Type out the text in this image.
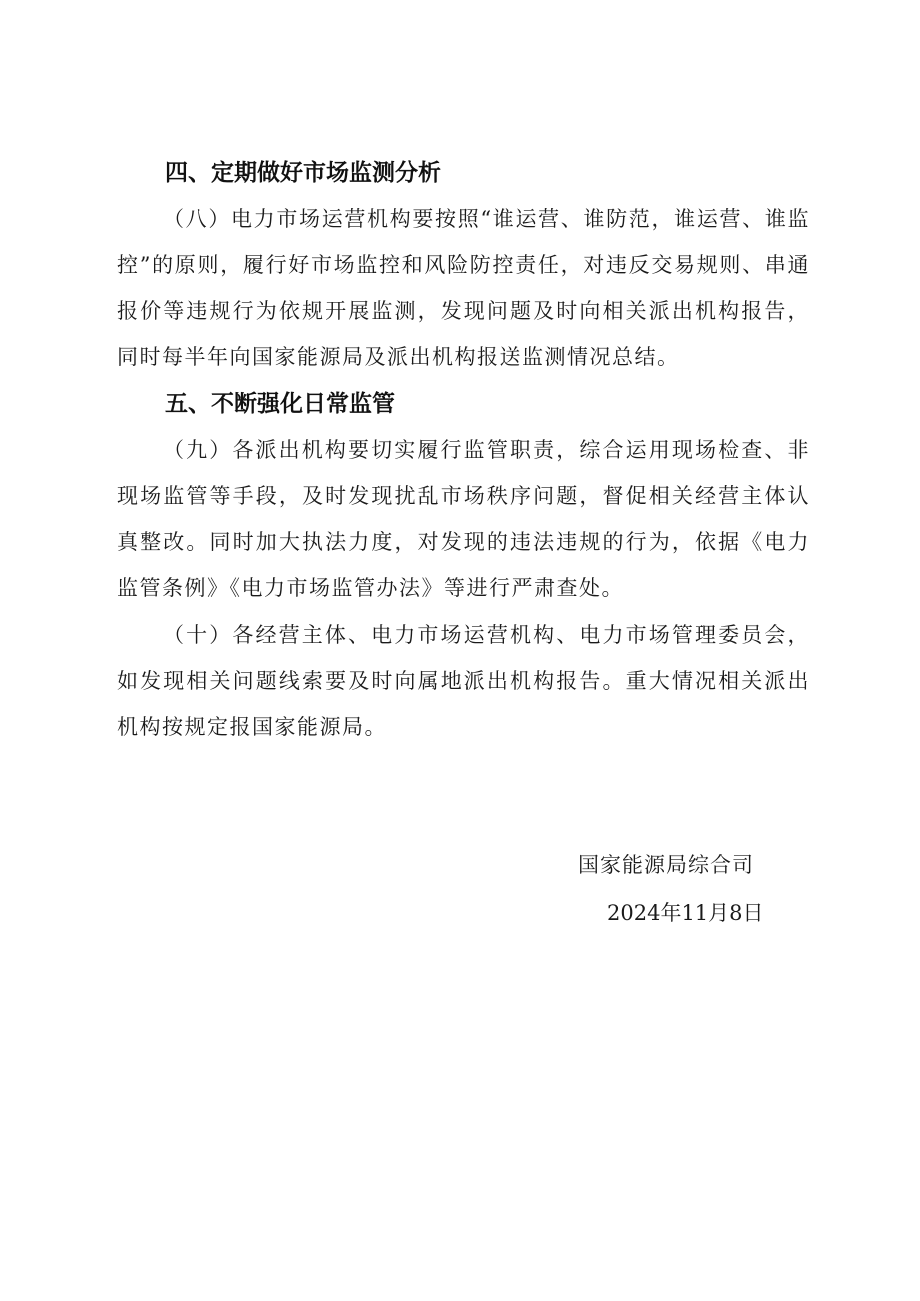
四、定期做好市场监测分析

（八）电力市场运营机构要按照“谁运营、谁防范，谁运营、谁监控”的原则，履行好市场监控和风险防控责任，对违反交易规则、串通报价等违规行为依规开展监测，发现问题及时向相关派出机构报告，同时每半年向国家能源局及派出机构报送监测情况总结。

五、不断强化日常监管

（九）各派出机构要切实履行监管职责，综合运用现场检查、非现场监管等手段，及时发现扰乱市场秩序问题，督促相关经营主体认真整改。同时加大执法力度，对发现的违法违规的行为，依据《电力监管条例》《电力市场监管办法》等进行严肃查处。

（十）各经营主体、电力市场运营机构、电力市场管理委员会，如发现相关问题线索要及时向属地派出机构报告。重大情况相关派出机构按规定报国家能源局。

国家能源局综合司
2024年11月8日
